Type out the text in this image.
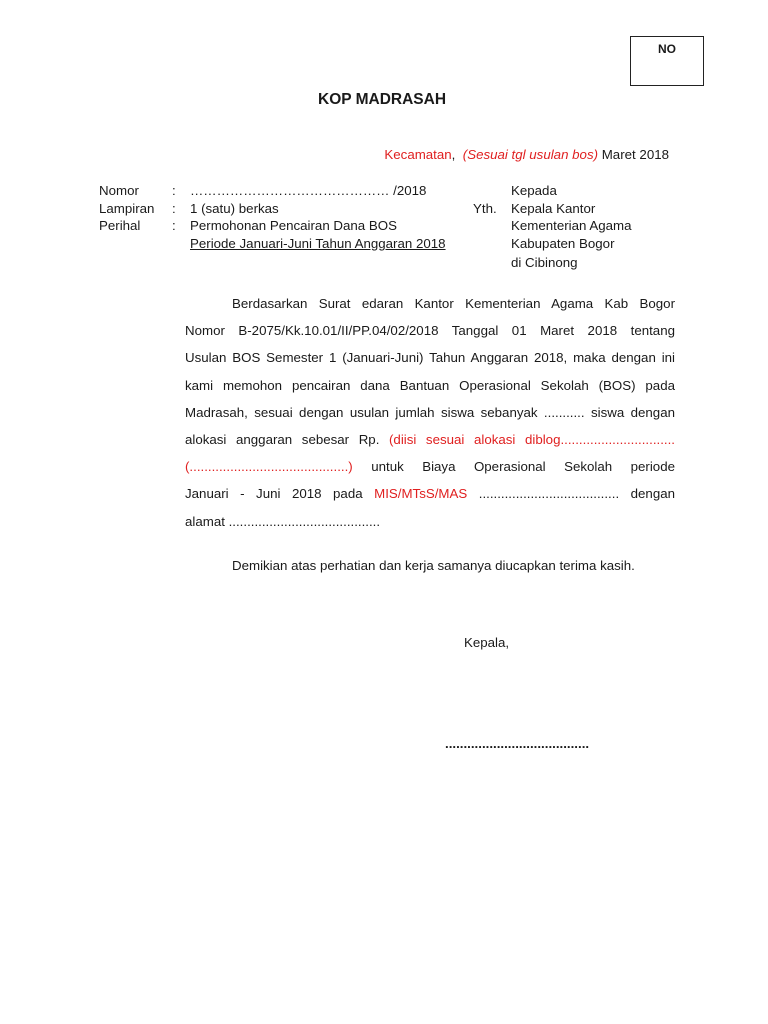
NO
KOP MADRASAH
Kecamatan, (Sesuai tgl usulan bos) Maret 2018
Nomor : ……………………………………… /2018
Lampiran : 1 (satu) berkas
Perihal : Permohonan Pencairan Dana BOS
Periode Januari-Juni Tahun Anggaran 2018
Yth.
Kepada
Kepala Kantor
Kementerian Agama
Kabupaten Bogor
di Cibinong
Berdasarkan Surat edaran Kantor Kementerian Agama Kab Bogor
Nomor B-2075/Kk.10.01/II/PP.04/02/2018 Tanggal 01 Maret 2018 tentang
Usulan BOS Semester 1 (Januari-Juni) Tahun Anggaran 2018, maka dengan ini
kami memohon pencairan dana Bantuan Operasional Sekolah (BOS) pada
Madrasah, sesuai dengan usulan jumlah siswa sebanyak ........... siswa dengan
alokasi anggaran sebesar Rp. (diisi sesuai alokasi diblog...............................
(...........................................) untuk Biaya Operasional Sekolah periode
Januari - Juni 2018 pada MIS/MTsS/MAS ...................................... dengan
alamat .........................................
Demikian atas perhatian dan kerja samanya diucapkan terima kasih.
Kepala,
.......................................
